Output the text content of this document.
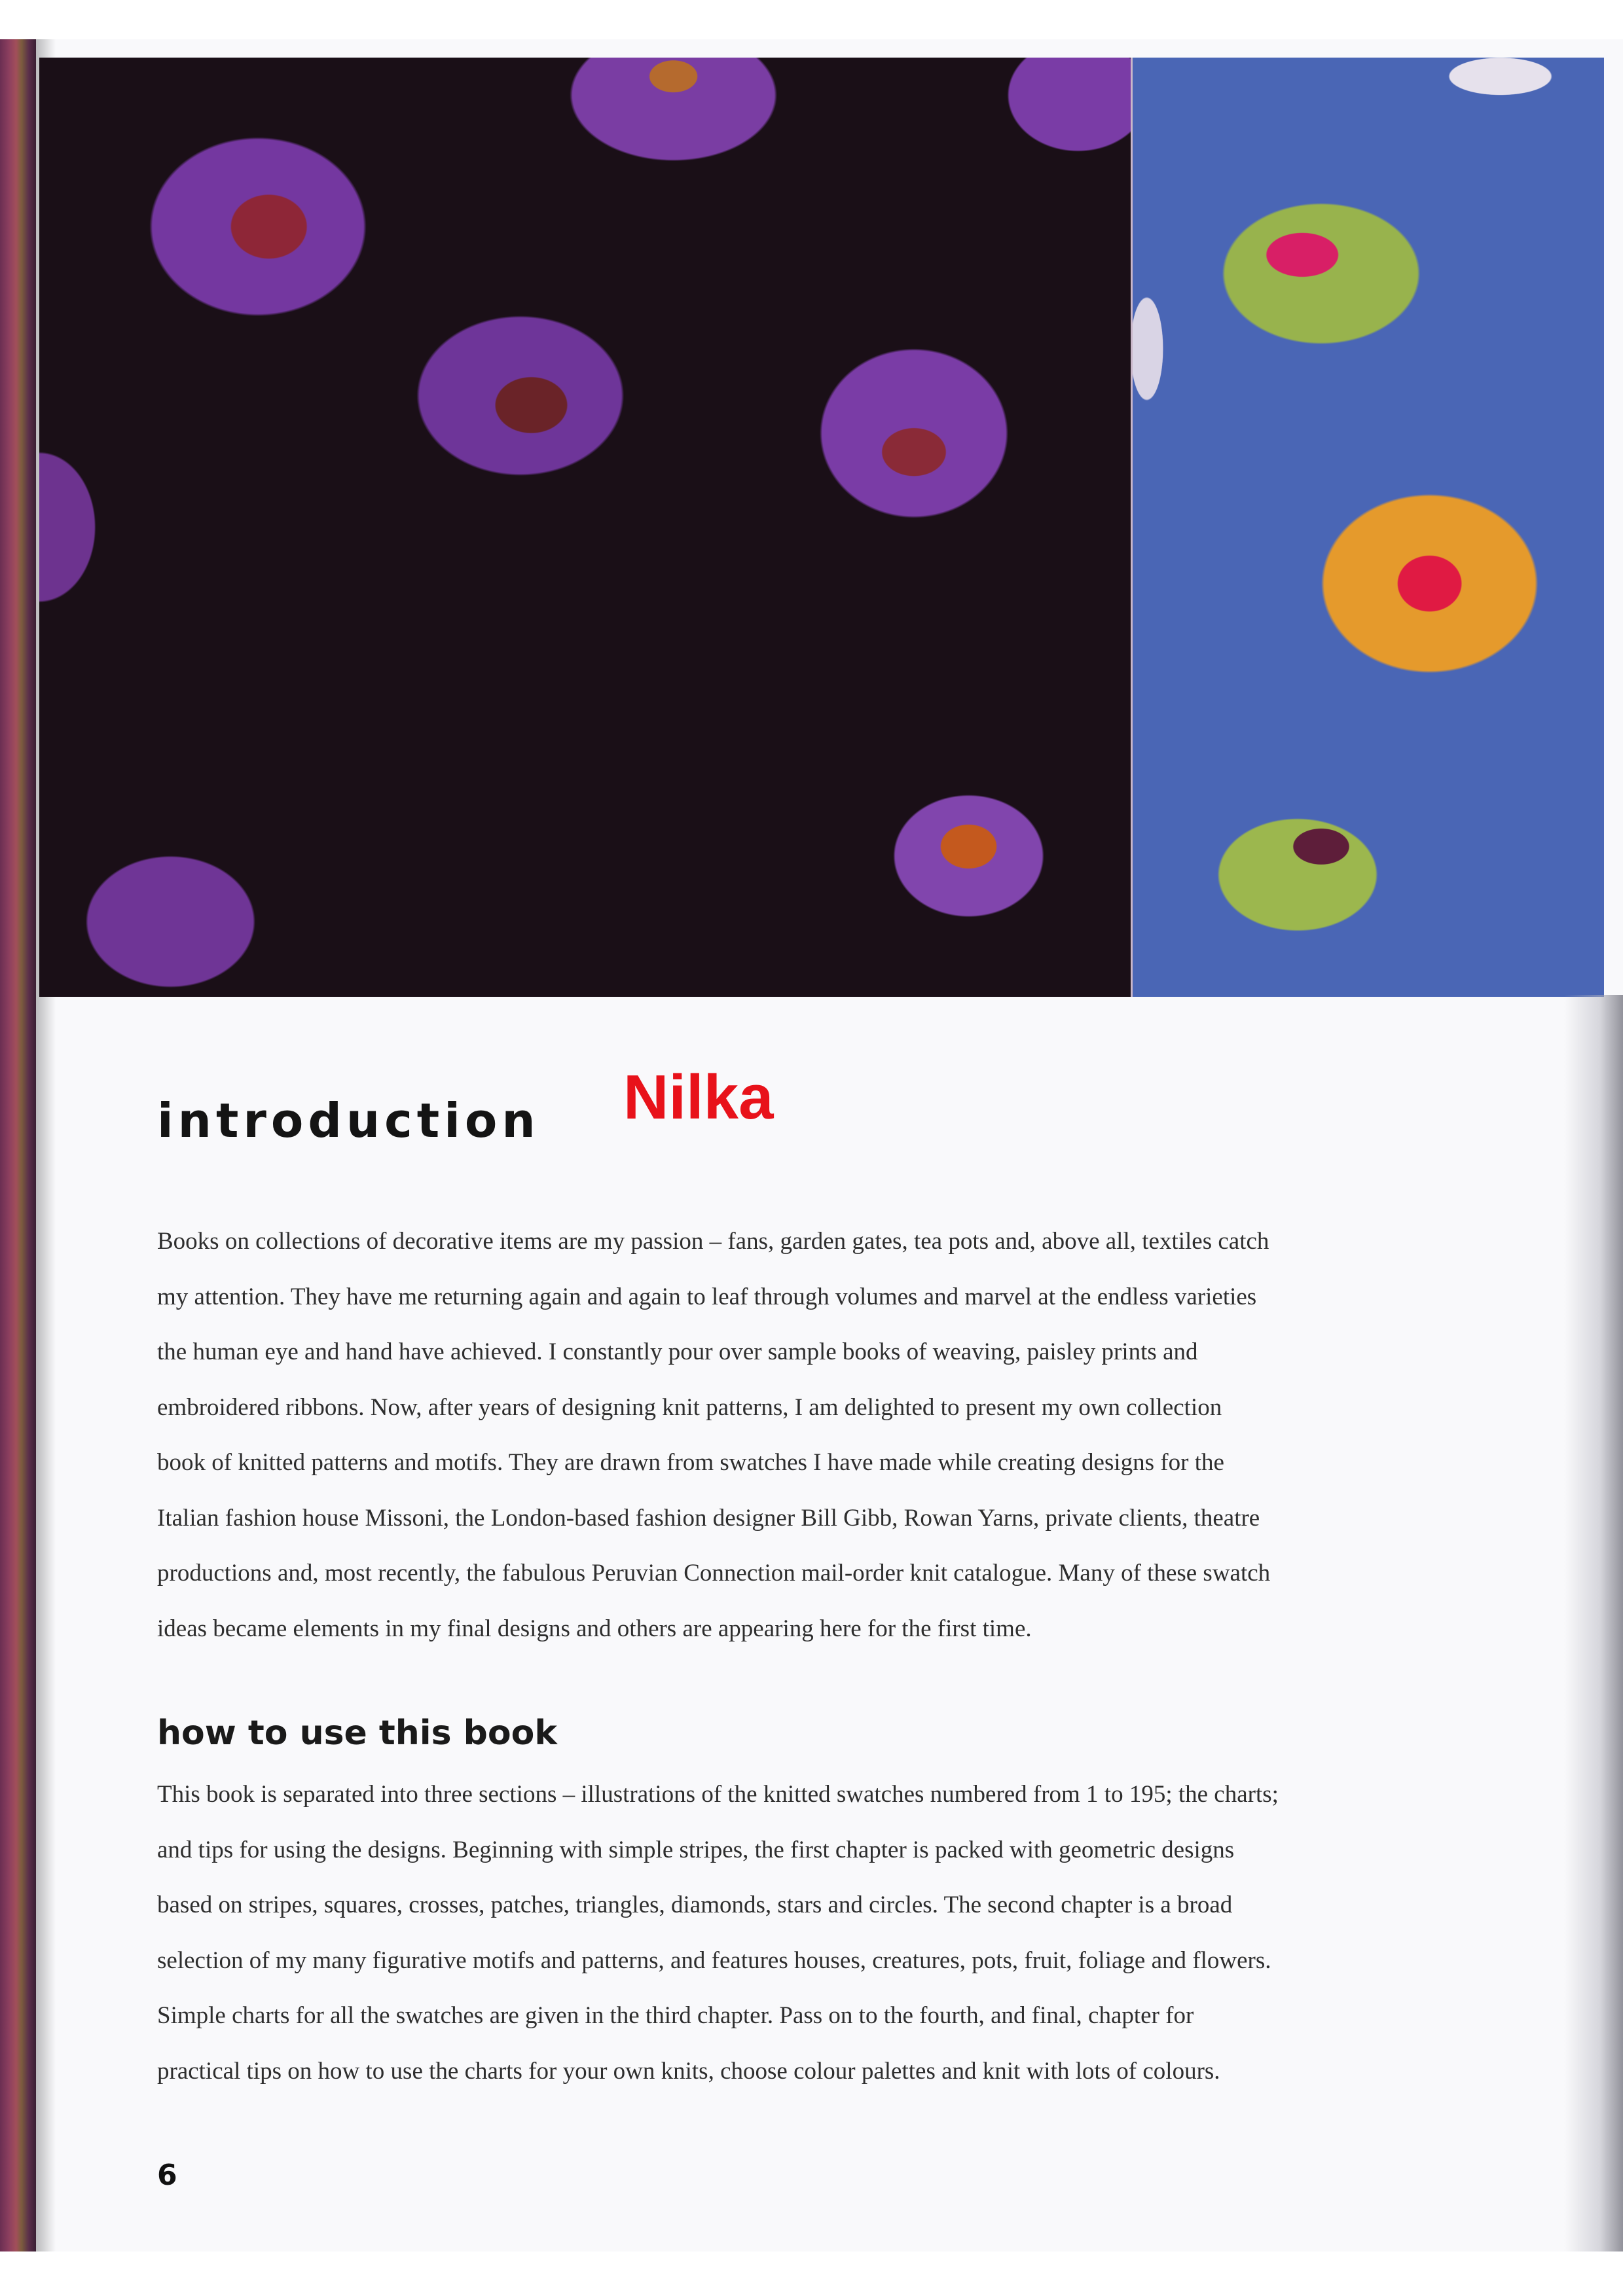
introduction Nilka

Books on collections of decorative items are my passion – fans, garden gates, tea pots and, above all, textiles catch
my attention. They have me returning again and again to leaf through volumes and marvel at the endless varieties
the human eye and hand have achieved. I constantly pour over sample books of weaving, paisley prints and
embroidered ribbons. Now, after years of designing knit patterns, I am delighted to present my own collection
book of knitted patterns and motifs. They are drawn from swatches I have made while creating designs for the
Italian fashion house Missoni, the London-based fashion designer Bill Gibb, Rowan Yarns, private clients, theatre
productions and, most recently, the fabulous Peruvian Connection mail-order knit catalogue. Many of these swatch
ideas became elements in my final designs and others are appearing here for the first time.

how to use this book

This book is separated into three sections – illustrations of the knitted swatches numbered from 1 to 195; the charts;
and tips for using the designs. Beginning with simple stripes, the first chapter is packed with geometric designs
based on stripes, squares, crosses, patches, triangles, diamonds, stars and circles. The second chapter is a broad
selection of my many figurative motifs and patterns, and features houses, creatures, pots, fruit, foliage and flowers.
Simple charts for all the swatches are given in the third chapter. Pass on to the fourth, and final, chapter for
practical tips on how to use the charts for your own knits, choose colour palettes and knit with lots of colours.

6
